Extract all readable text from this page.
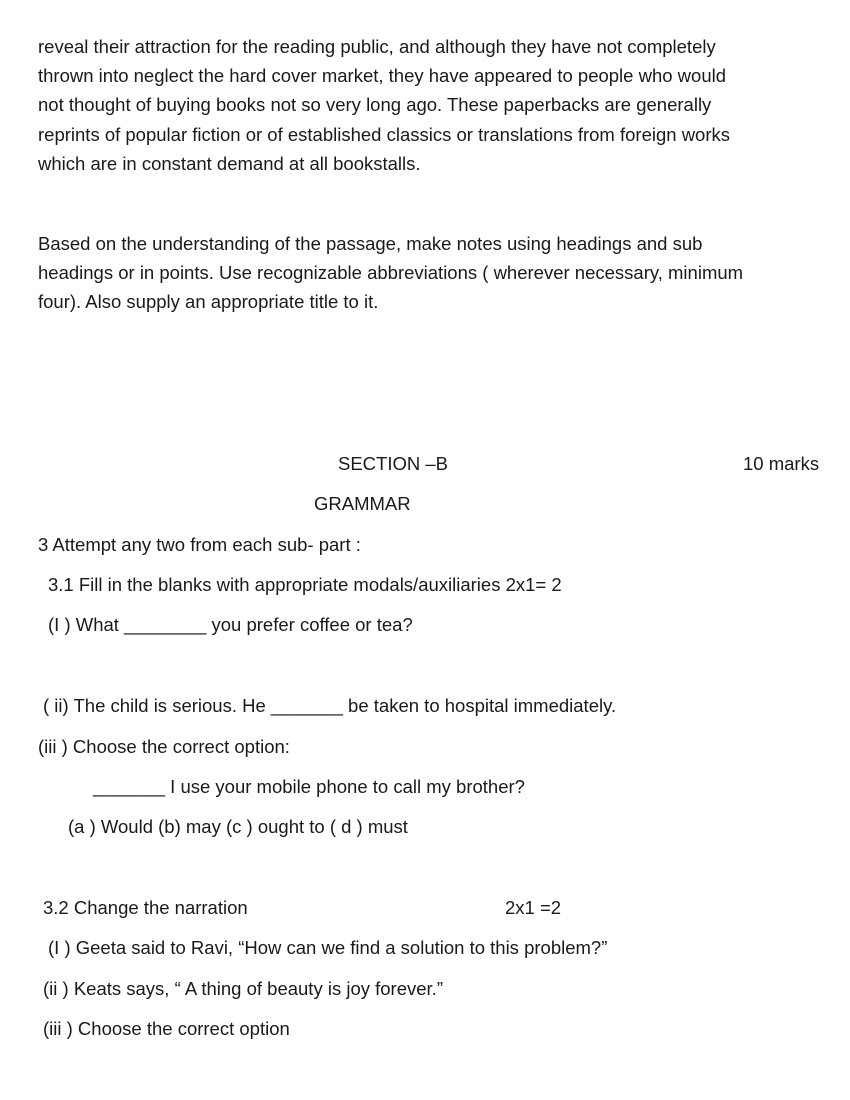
reveal their attraction for the reading public, and although they have not completely
thrown into neglect the hard cover market, they have appeared to people who would
not thought of buying books not so very long ago. These paperbacks are generally
reprints of popular fiction or of established classics or translations from foreign works
which are in constant demand at all bookstalls.
Based on the understanding of the passage, make notes using headings and sub
headings or in points. Use recognizable abbreviations ( wherever necessary, minimum
four). Also supply an appropriate title to it.
SECTION –B	10 marks
GRAMMAR
3 Attempt any two from each sub- part :
3.1 Fill in the blanks with appropriate modals/auxiliaries 2x1= 2
(I ) What ________ you prefer coffee or tea?
( ii) The child is serious. He _______ be taken to hospital immediately.
(iii ) Choose the correct option:
_______ I use your mobile phone to call my brother?
(a ) Would (b) may (c ) ought to ( d ) must
3.2 Change the narration	2x1 =2
(I ) Geeta said to Ravi, “How can we find a solution to this problem?”
(ii ) Keats says, “ A thing of beauty is joy forever.”
(iii ) Choose the correct option
